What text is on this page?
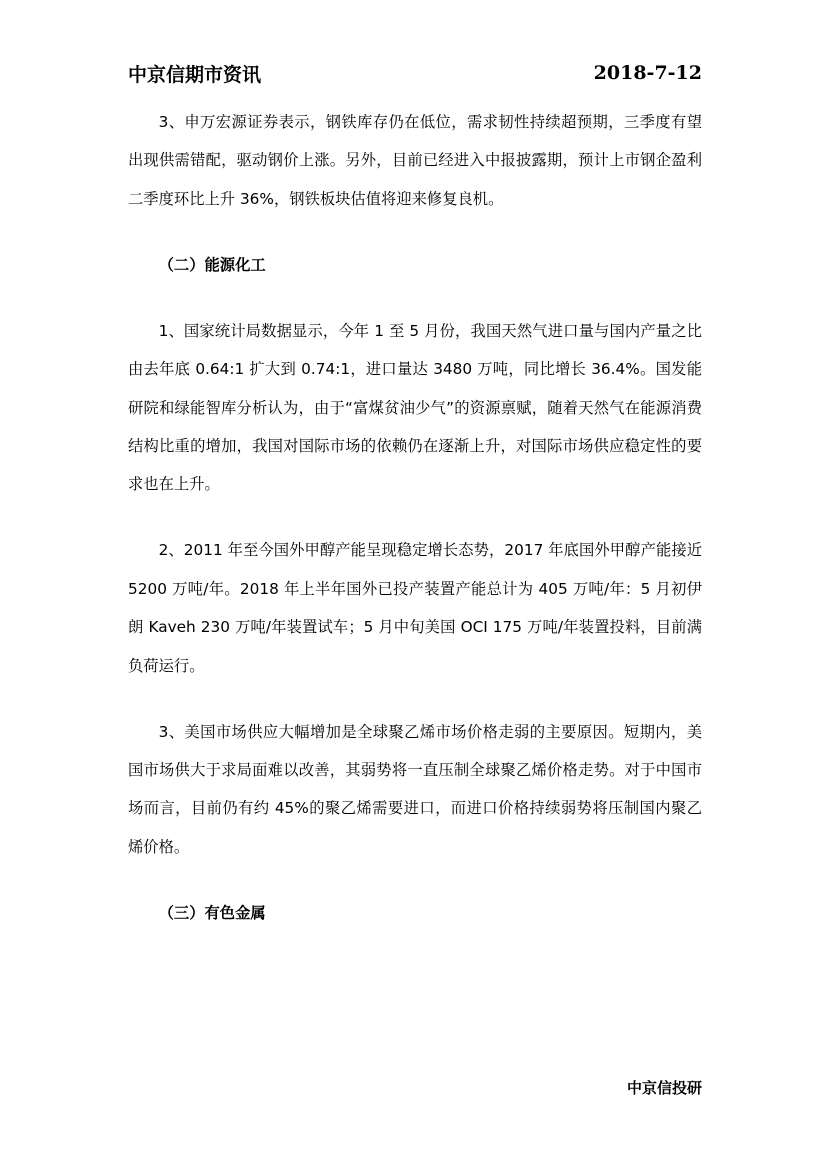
中京信期市资讯	2018-7-12

3、申万宏源证券表示，钢铁库存仍在低位，需求韧性持续超预期，三季度有望出现供需错配，驱动钢价上涨。另外，目前已经进入中报披露期，预计上市钢企盈利二季度环比上升 36%，钢铁板块估值将迎来修复良机。

（二）能源化工

1、国家统计局数据显示，今年 1 至 5 月份，我国天然气进口量与国内产量之比由去年底 0.64:1 扩大到 0.74:1，进口量达 3480 万吨，同比增长 36.4%。国发能研院和绿能智库分析认为，由于“富煤贫油少气”的资源禀赋，随着天然气在能源消费结构比重的增加，我国对国际市场的依赖仍在逐渐上升，对国际市场供应稳定性的要求也在上升。

2、2011 年至今国外甲醇产能呈现稳定增长态势，2017 年底国外甲醇产能接近 5200 万吨/年。2018 年上半年国外已投产装置产能总计为 405 万吨/年：5 月初伊朗 Kaveh 230 万吨/年装置试车；5 月中旬美国 OCI 175 万吨/年装置投料，目前满负荷运行。

3、美国市场供应大幅增加是全球聚乙烯市场价格走弱的主要原因。短期内，美国市场供大于求局面难以改善，其弱势将一直压制全球聚乙烯价格走势。对于中国市场而言，目前仍有约 45%的聚乙烯需要进口，而进口价格持续弱势将压制国内聚乙烯价格。

（三）有色金属

中京信投研
